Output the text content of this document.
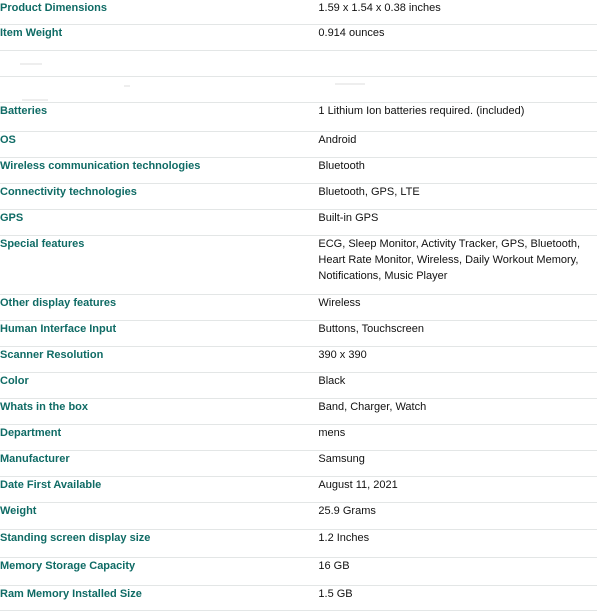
Product Dimensions	1.59 x 1.54 x 0.38 inches
Item Weight	0.914 ounces

Batteries	1 Lithium Ion batteries required. (included)
OS	Android
Wireless communication technologies	Bluetooth
Connectivity technologies	Bluetooth, GPS, LTE
GPS	Built-in GPS
Special features	ECG, Sleep Monitor, Activity Tracker, GPS, Bluetooth, Heart Rate Monitor, Wireless, Daily Workout Memory, Notifications, Music Player
Other display features	Wireless
Human Interface Input	Buttons, Touchscreen
Scanner Resolution	390 x 390
Color	Black
Whats in the box	Band, Charger, Watch
Department	mens
Manufacturer	Samsung
Date First Available	August 11, 2021
Weight	25.9 Grams
Standing screen display size	1.2 Inches
Memory Storage Capacity	16 GB
Ram Memory Installed Size	1.5 GB
